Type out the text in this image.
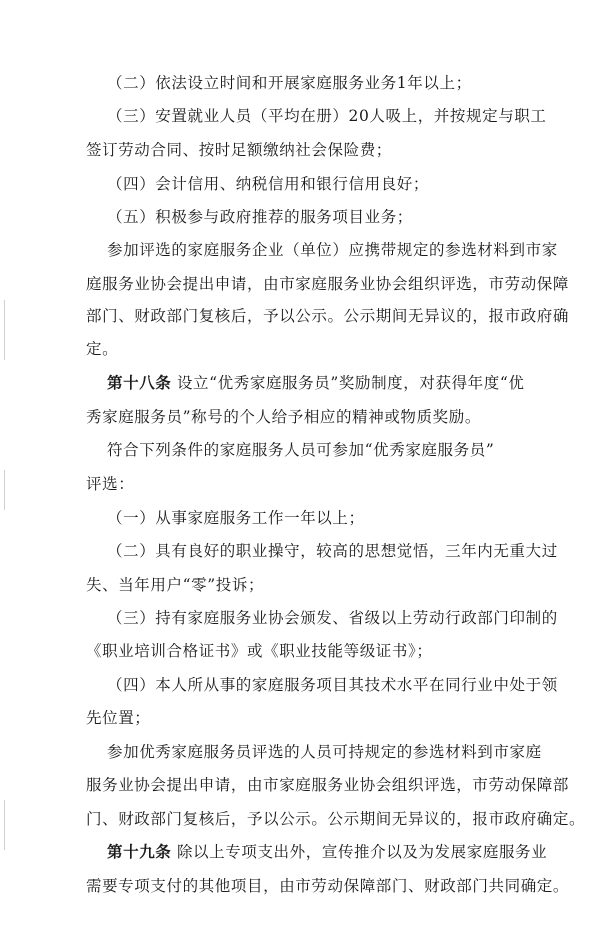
（二）依法设立时间和开展家庭服务业务1年以上；
（三）安置就业人员（平均在册）20人吸上，并按规定与职工
签订劳动合同、按时足额缴纳社会保险费；
（四）会计信用、纳税信用和银行信用良好；
（五）积极参与政府推荐的服务项目业务；
参加评选的家庭服务企业（单位）应携带规定的参选材料到市家
庭服务业协会提出申请，由市家庭服务业协会组织评选，市劳动保障
部门、财政部门复核后，予以公示。公示期间无异议的，报市政府确
定。
第十八条 设立“优秀家庭服务员”奖励制度，对获得年度“优
秀家庭服务员”称号的个人给予相应的精神或物质奖励。
符合下列条件的家庭服务人员可参加“优秀家庭服务员”
评选：
（一）从事家庭服务工作一年以上；
（二）具有良好的职业操守，较高的思想觉悟，三年内无重大过
失、当年用户“零”投诉；
（三）持有家庭服务业协会颁发、省级以上劳动行政部门印制的
《职业培训合格证书》或《职业技能等级证书》；
（四）本人所从事的家庭服务项目其技术水平在同行业中处于领
先位置；
参加优秀家庭服务员评选的人员可持规定的参选材料到市家庭
服务业协会提出申请，由市家庭服务业协会组织评选，市劳动保障部
门、财政部门复核后，予以公示。公示期间无异议的，报市政府确定。
第十九条 除以上专项支出外，宣传推介以及为发展家庭服务业
需要专项支付的其他项目，由市劳动保障部门、财政部门共同确定。
